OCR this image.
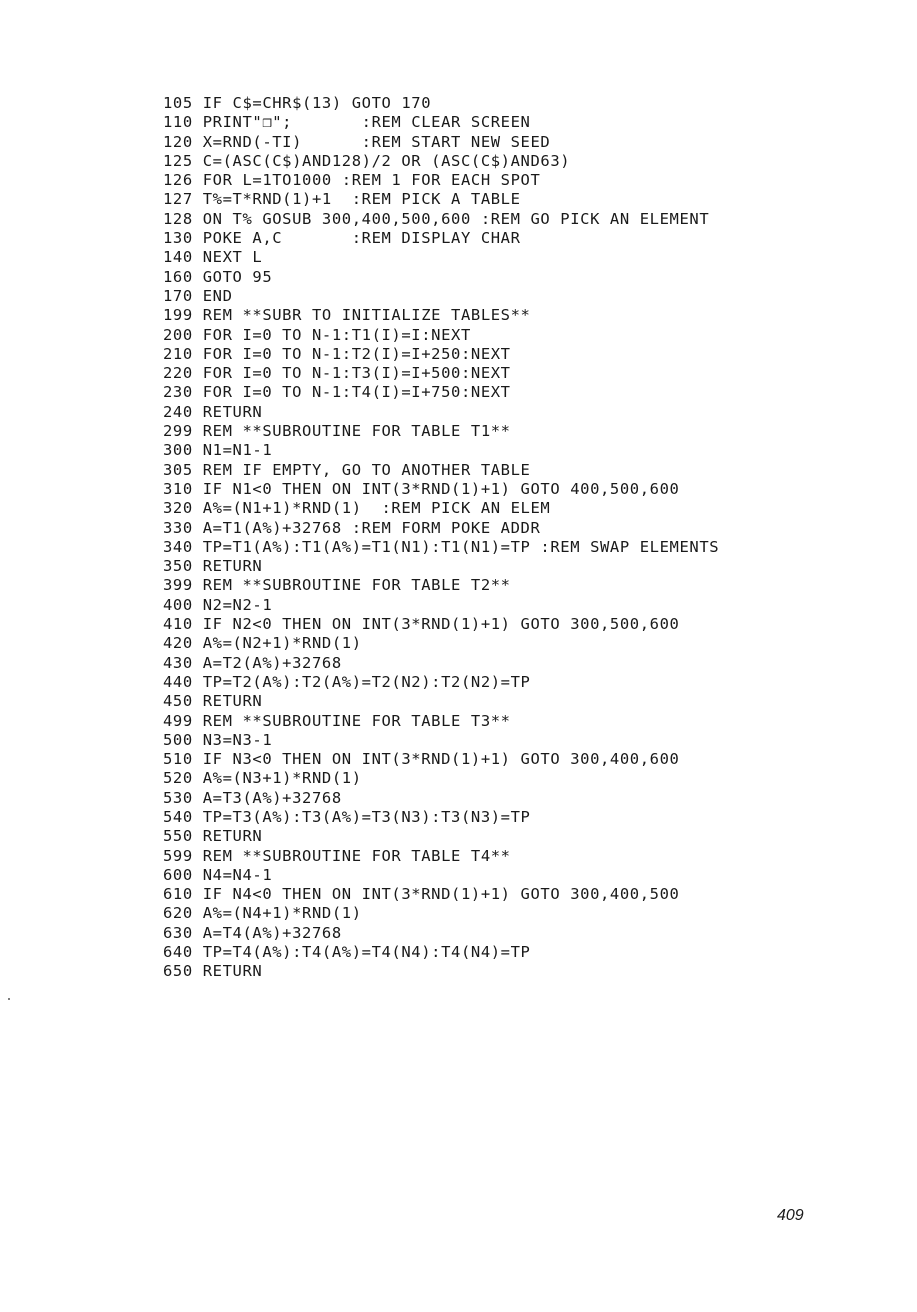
105 IF C$=CHR$(13) GOTO 170
110 PRINT"❒";       :REM CLEAR SCREEN
120 X=RND(-TI)      :REM START NEW SEED
125 C=(ASC(C$)AND128)/2 OR (ASC(C$)AND63)
126 FOR L=1TO1000 :REM 1 FOR EACH SPOT
127 T%=T*RND(1)+1  :REM PICK A TABLE
128 ON T% GOSUB 300,400,500,600 :REM GO PICK AN ELEMENT
130 POKE A,C       :REM DISPLAY CHAR
140 NEXT L
160 GOTO 95
170 END
199 REM **SUBR TO INITIALIZE TABLES**
200 FOR I=0 TO N-1:T1(I)=I:NEXT
210 FOR I=0 TO N-1:T2(I)=I+250:NEXT
220 FOR I=0 TO N-1:T3(I)=I+500:NEXT
230 FOR I=0 TO N-1:T4(I)=I+750:NEXT
240 RETURN
299 REM **SUBROUTINE FOR TABLE T1**
300 N1=N1-1
305 REM IF EMPTY, GO TO ANOTHER TABLE
310 IF N1<0 THEN ON INT(3*RND(1)+1) GOTO 400,500,600
320 A%=(N1+1)*RND(1)  :REM PICK AN ELEM
330 A=T1(A%)+32768 :REM FORM POKE ADDR
340 TP=T1(A%):T1(A%)=T1(N1):T1(N1)=TP :REM SWAP ELEMENTS
350 RETURN
399 REM **SUBROUTINE FOR TABLE T2**
400 N2=N2-1
410 IF N2<0 THEN ON INT(3*RND(1)+1) GOTO 300,500,600
420 A%=(N2+1)*RND(1)
430 A=T2(A%)+32768
440 TP=T2(A%):T2(A%)=T2(N2):T2(N2)=TP
450 RETURN
499 REM **SUBROUTINE FOR TABLE T3**
500 N3=N3-1
510 IF N3<0 THEN ON INT(3*RND(1)+1) GOTO 300,400,600
520 A%=(N3+1)*RND(1)
530 A=T3(A%)+32768
540 TP=T3(A%):T3(A%)=T3(N3):T3(N3)=TP
550 RETURN
599 REM **SUBROUTINE FOR TABLE T4**
600 N4=N4-1
610 IF N4<0 THEN ON INT(3*RND(1)+1) GOTO 300,400,500
620 A%=(N4+1)*RND(1)
630 A=T4(A%)+32768
640 TP=T4(A%):T4(A%)=T4(N4):T4(N4)=TP
650 RETURN
409
